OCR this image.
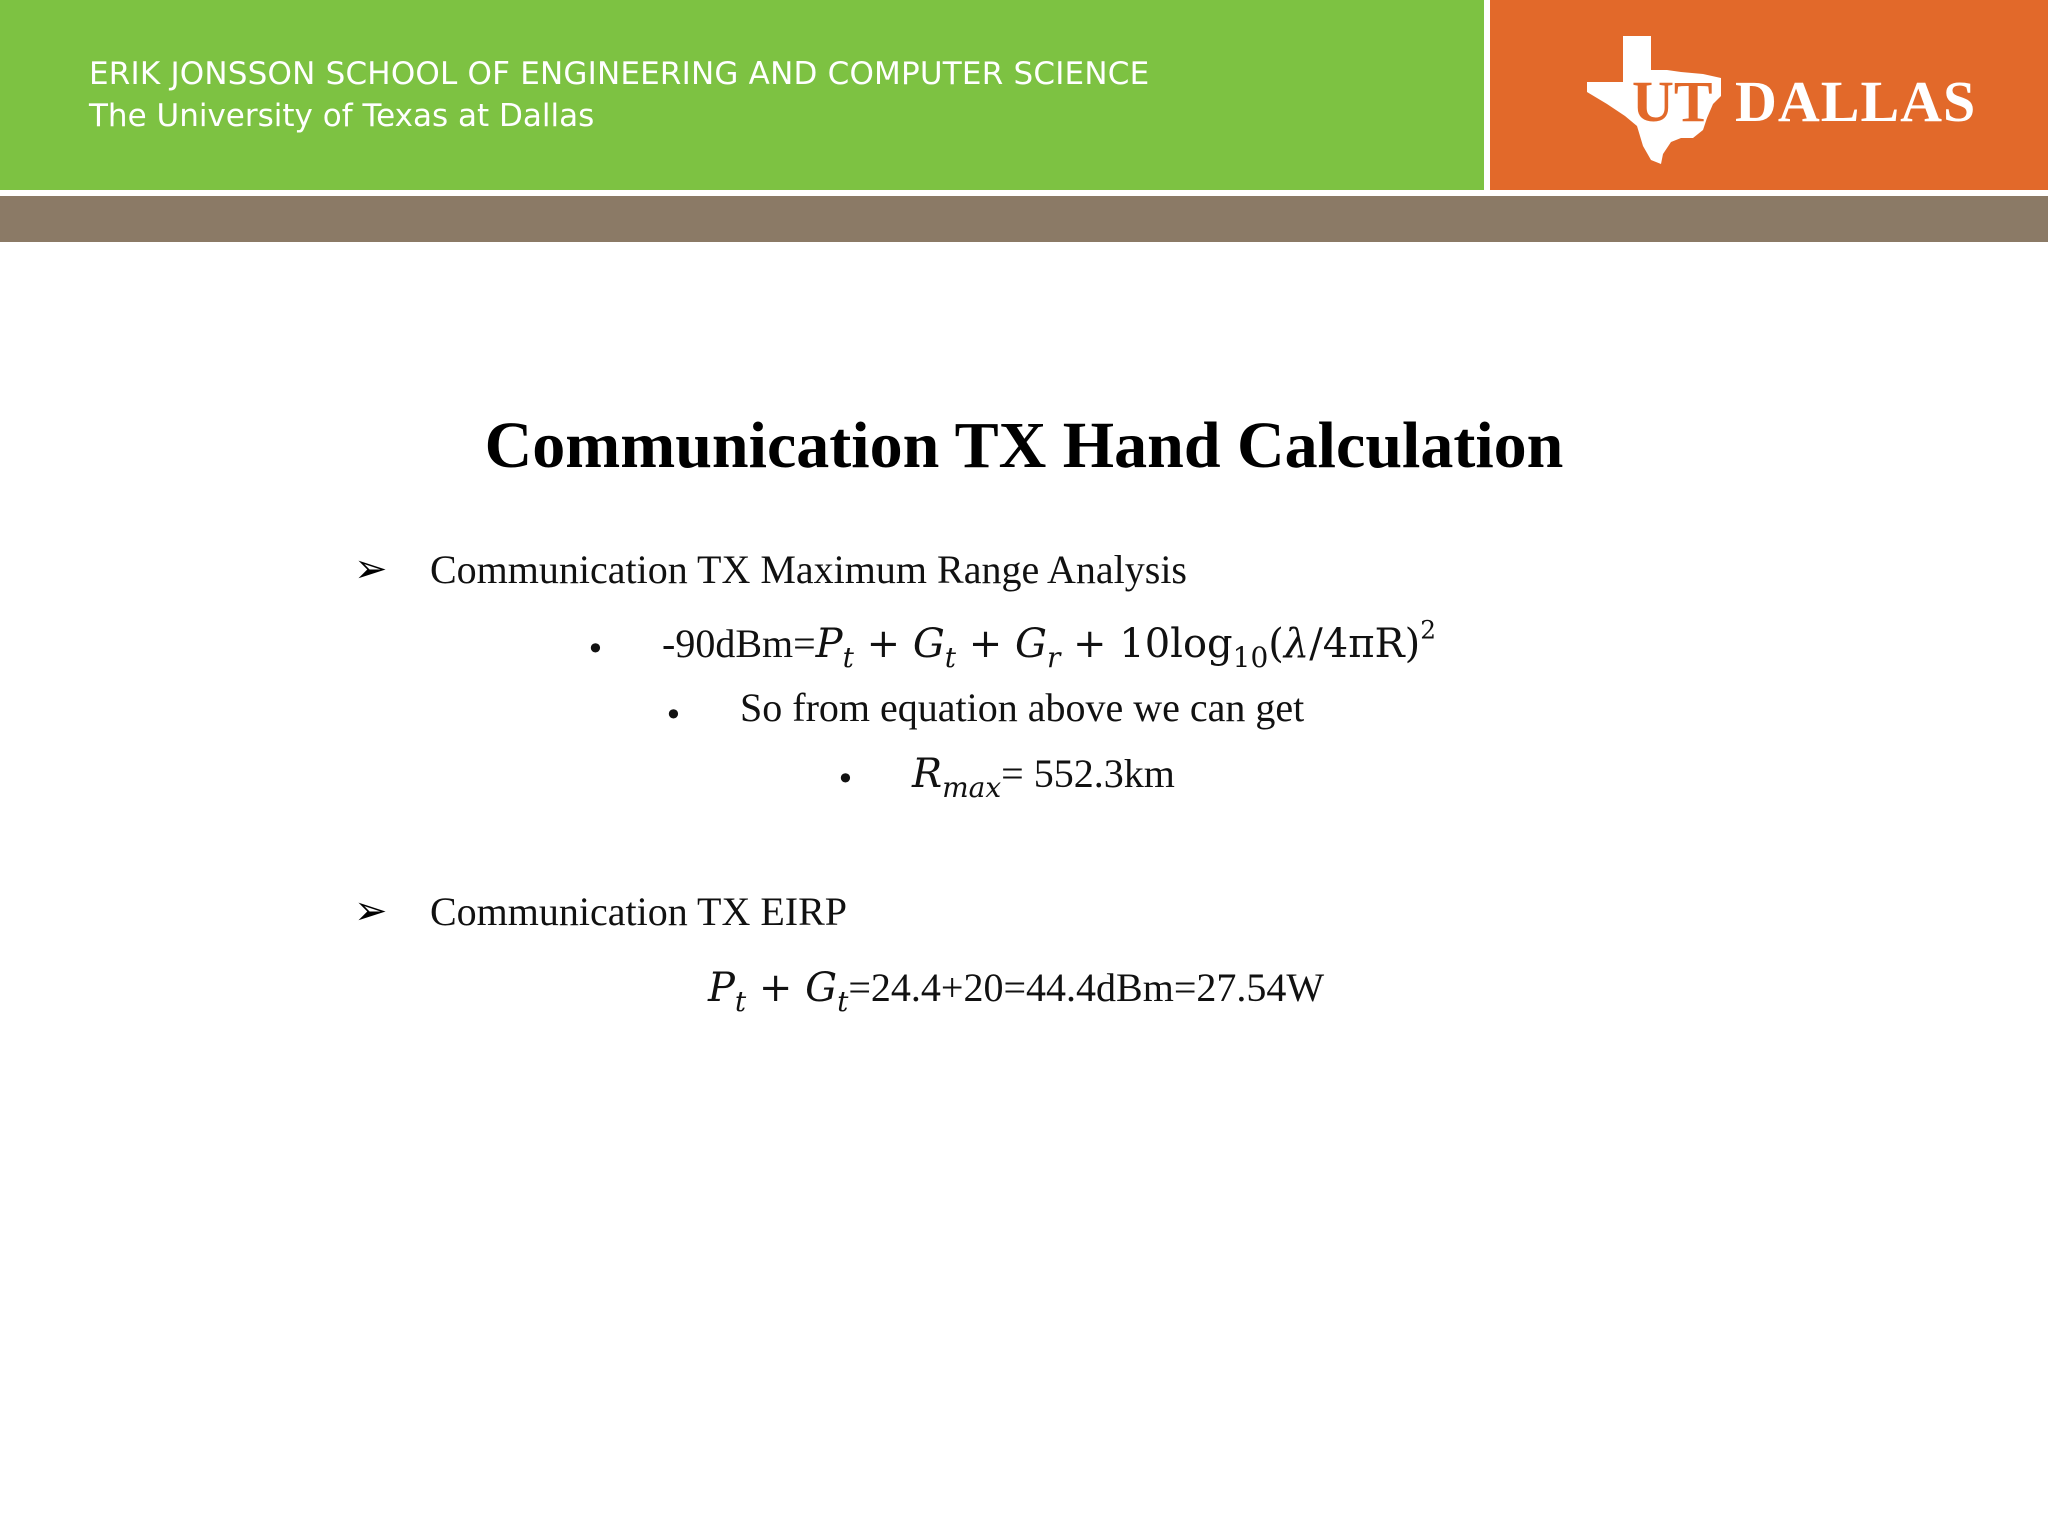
ERIK JONSSON SCHOOL OF ENGINEERING AND COMPUTER SCIENCE
The University of Texas at Dallas	UT DALLAS
Communication TX Hand Calculation
➢ Communication TX Maximum Range Analysis
• $-90dBm=P_t + G_t + G_r + 10\log_{10}(\lambda/4\pi R)^2$
• So from equation above we can get
• $R_{max}= 552.3km$
➢ Communication TX EIRP
$P_t + G_t=24.4+20=44.4dBm=27.54W$
